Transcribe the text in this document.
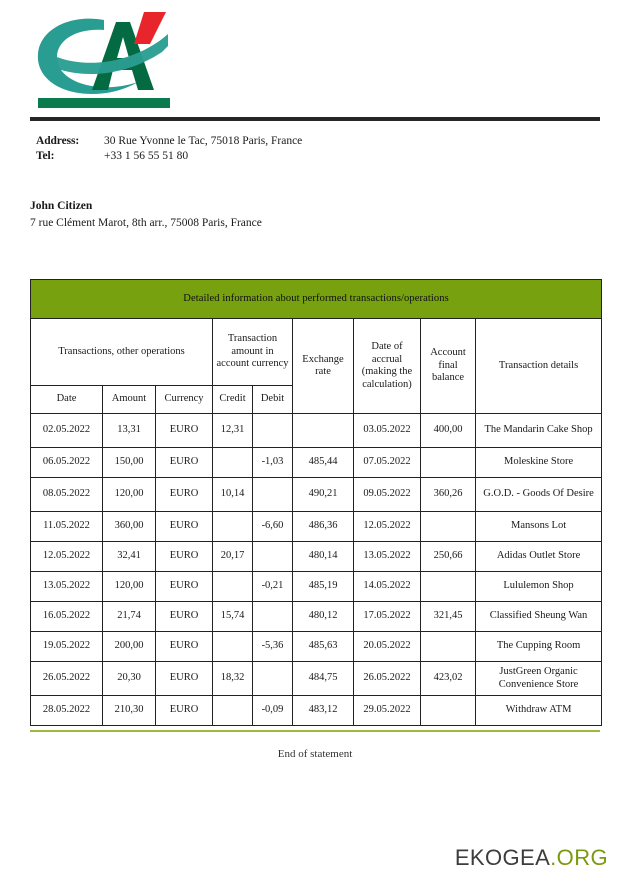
Address:	30 Rue Yvonne le Tac, 75018 Paris, France
Tel:	+33 1 56 55 51 80
John Citizen
7 rue Clément Marot, 8th arr., 75008 Paris, France
Detailed information about performed transactions/operations								
Transactions, other operations			Transaction amount in account currency		Exchange rate	Date of accrual (making the calculation)	Account final balance	Transaction details
Date	Amount	Currency	Credit	Debit				
02.05.2022	13,31	EURO	12,31			03.05.2022	400,00	The Mandarin Cake Shop
06.05.2022	150,00	EURO		-1,03	485,44	07.05.2022		Moleskine Store
08.05.2022	120,00	EURO	10,14		490,21	09.05.2022	360,26	G.O.D. - Goods Of Desire
11.05.2022	360,00	EURO		-6,60	486,36	12.05.2022		Mansons Lot
12.05.2022	32,41	EURO	20,17		480,14	13.05.2022	250,66	Adidas Outlet Store
13.05.2022	120,00	EURO		-0,21	485,19	14.05.2022		Lululemon Shop
16.05.2022	21,74	EURO	15,74		480,12	17.05.2022	321,45	Classified Sheung Wan
19.05.2022	200,00	EURO		-5,36	485,63	20.05.2022		The Cupping Room
26.05.2022	20,30	EURO	18,32		484,75	26.05.2022	423,02	JustGreen Organic Convenience Store
28.05.2022	210,30	EURO		-0,09	483,12	29.05.2022		Withdraw ATM
End of statement
EKOGEA.ORG
